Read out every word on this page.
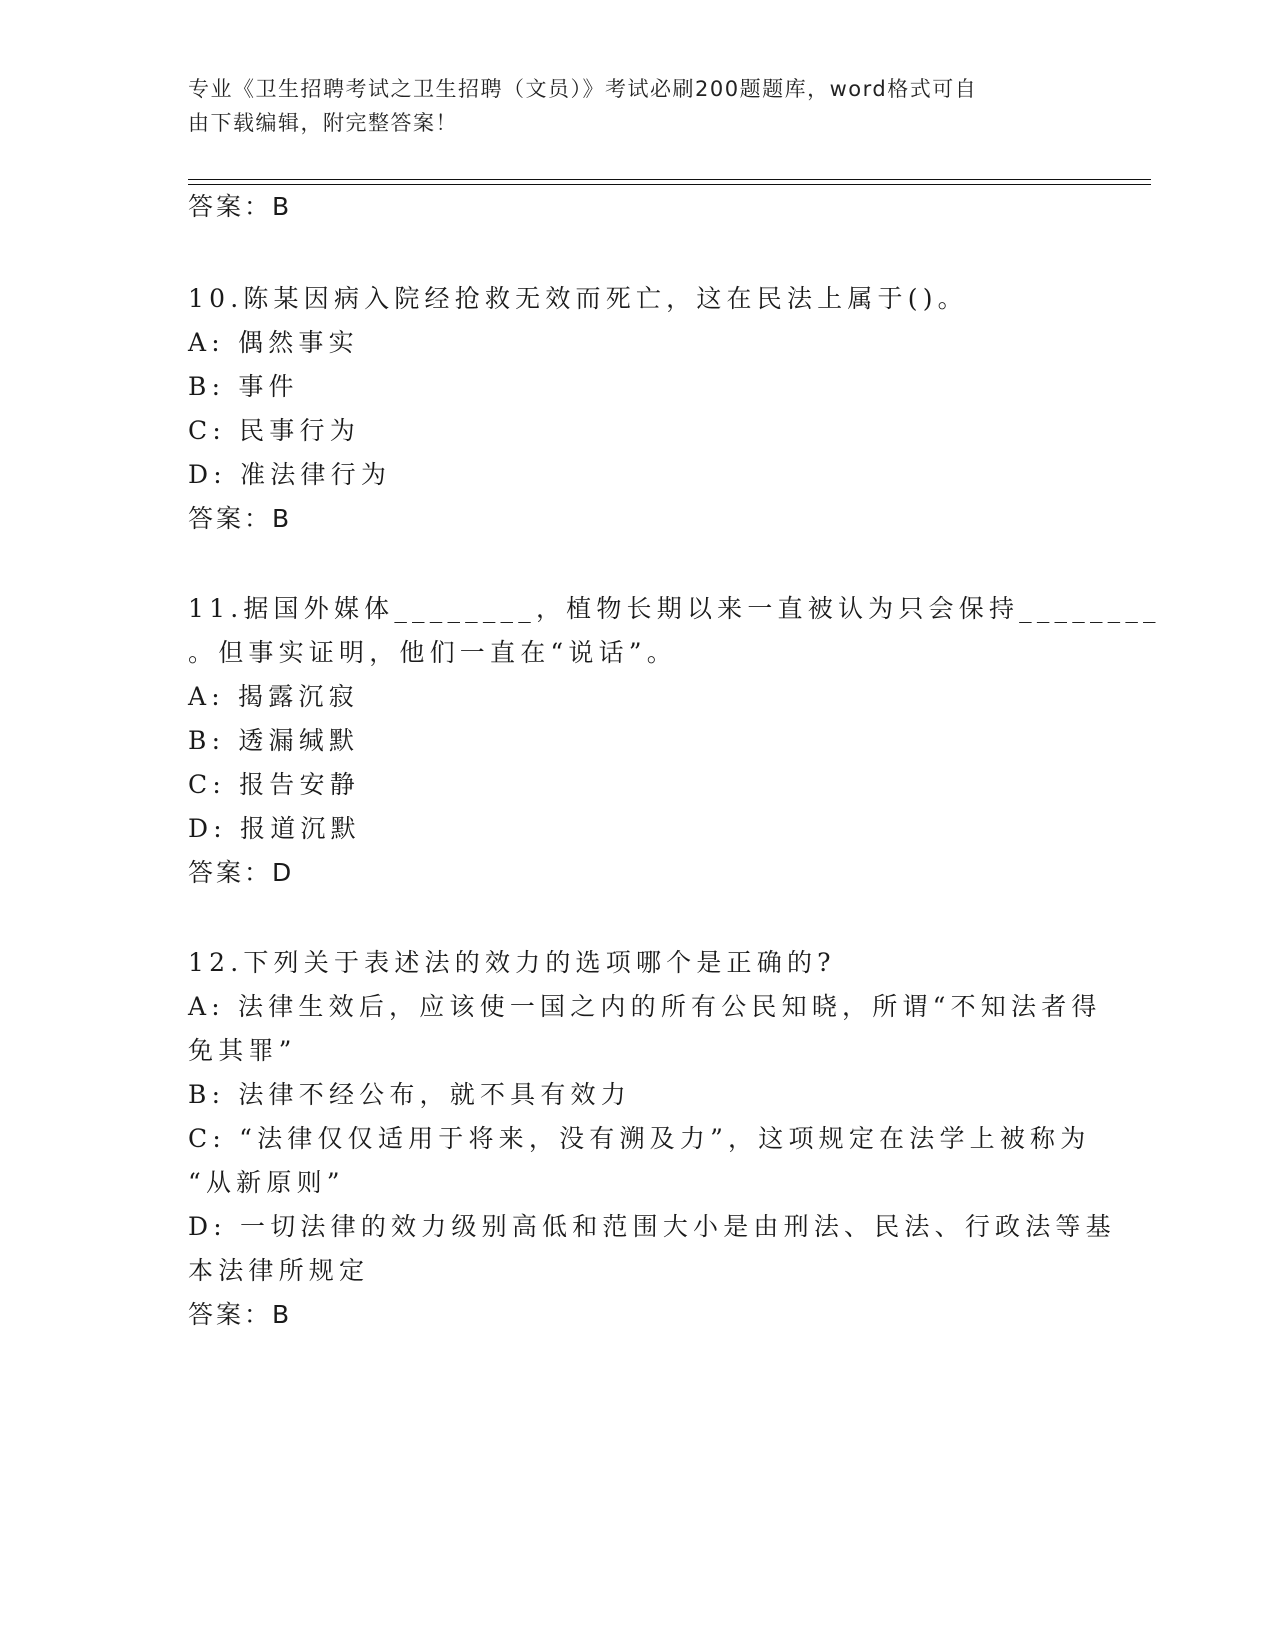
专业《卫生招聘考试之卫生招聘（文员）》考试必刷200题题库，word格式可自
由下载编辑，附完整答案！
答案：B
10.陈某因病入院经抢救无效而死亡，这在民法上属于()。
A: 偶然事实
B: 事件
C: 民事行为
D: 准法律行为
答案：B
11.据国外媒体________，植物长期以来一直被认为只会保持________
。但事实证明，他们一直在“说话”。
A: 揭露沉寂
B: 透漏缄默
C: 报告安静
D: 报道沉默
答案：D
12.下列关于表述法的效力的选项哪个是正确的?
A: 法律生效后，应该使一国之内的所有公民知晓，所谓“不知法者得
免其罪”
B: 法律不经公布，就不具有效力
C: “法律仅仅适用于将来，没有溯及力”，这项规定在法学上被称为
“从新原则”
D: 一切法律的效力级别高低和范围大小是由刑法、民法、行政法等基
本法律所规定
答案：B
